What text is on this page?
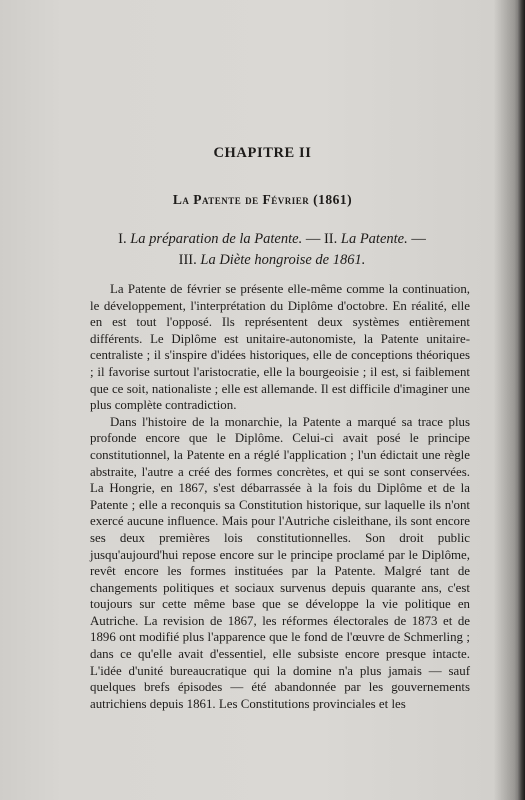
CHAPITRE II
La Patente de Février (1861)
I. La préparation de la Patente. — II. La Patente. —
III. La Diète hongroise de 1861.

La Patente de février se présente elle-même comme la continuation, le développement, l'interprétation du Diplôme d'octobre. En réalité, elle en est tout l'opposé. Ils représentent deux systèmes entièrement différents. Le Diplôme est unitaire-autonomiste, la Patente unitaire-centraliste ; il s'inspire d'idées historiques, elle de conceptions théoriques ; il favorise surtout l'aristocratie, elle la bourgeoisie ; il est, si faiblement que ce soit, nationaliste ; elle est allemande. Il est difficile d'imaginer une plus complète contradiction.

Dans l'histoire de la monarchie, la Patente a marqué sa trace plus profonde encore que le Diplôme. Celui-ci avait posé le principe constitutionnel, la Patente en a réglé l'application ; l'un édictait une règle abstraite, l'autre a créé des formes concrètes, et qui se sont conservées. La Hongrie, en 1867, s'est débarrassée à la fois du Diplôme et de la Patente ; elle a reconquis sa Constitution historique, sur laquelle ils n'ont exercé aucune influence. Mais pour l'Autriche cisleithane, ils sont encore ses deux premières lois constitutionnelles. Son droit public jusqu'aujourd'hui repose encore sur le principe proclamé par le Diplôme, revêt encore les formes instituées par la Patente. Malgré tant de changements politiques et sociaux survenus depuis quarante ans, c'est toujours sur cette même base que se développe la vie politique en Autriche. La revision de 1867, les réformes électorales de 1873 et de 1896 ont modifié plus l'apparence que le fond de l'œuvre de Schmerling ; dans ce qu'elle avait d'essentiel, elle subsiste encore presque intacte. L'idée d'unité bureaucratique qui la domine n'a plus jamais — sauf quelques brefs épisodes — été abandonnée par les gouvernements autrichiens depuis 1861. Les Constitutions provinciales et les
